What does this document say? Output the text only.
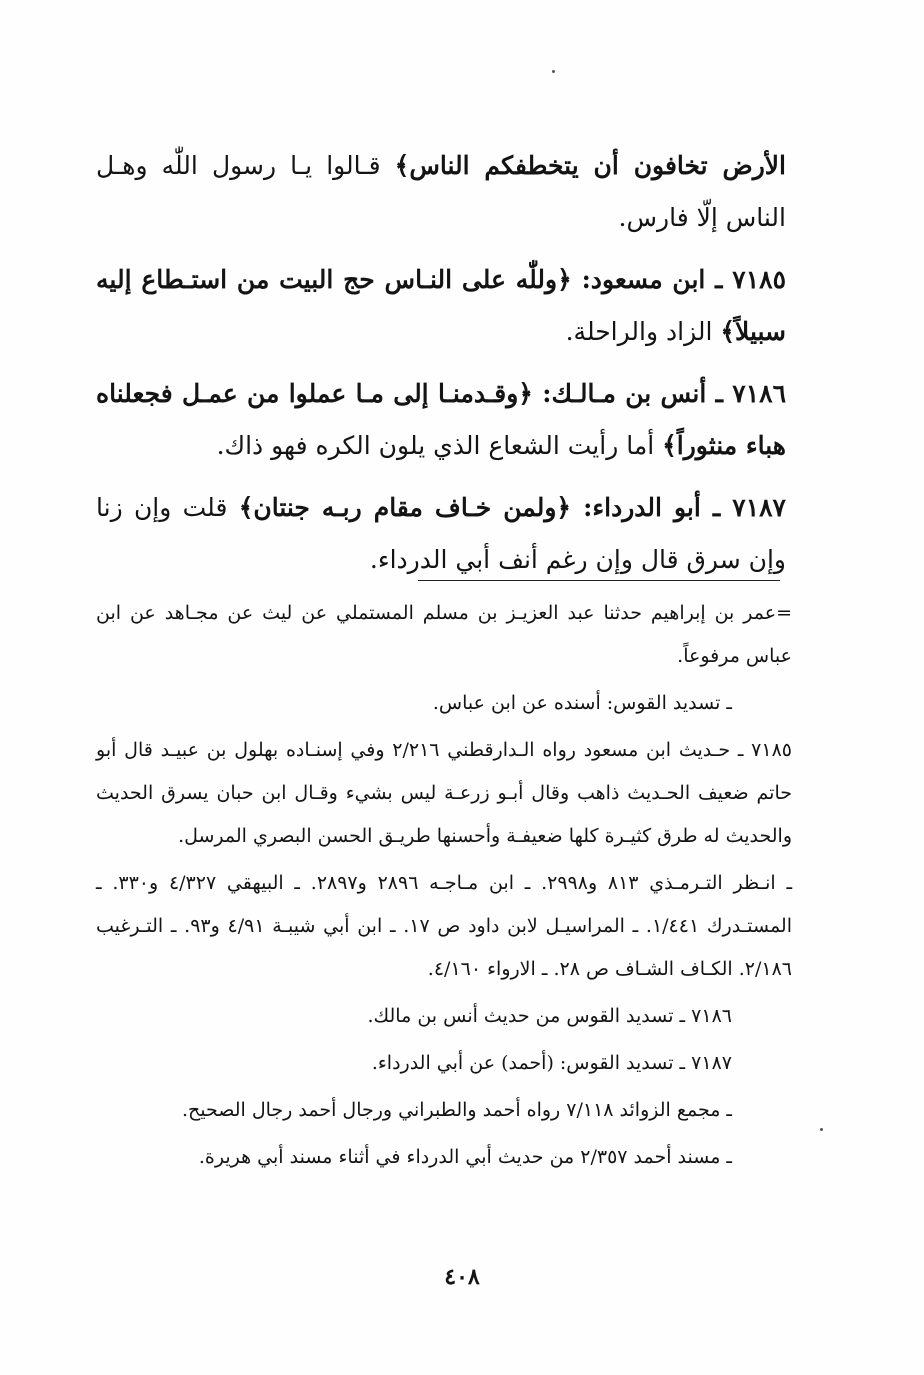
الأرض تخافون أن يتخطفكم الناس﴾ قـالوا يـا رسول اللّٰه وهـل الناس إلّا فارس.

٧١٨٥ ـ ابن مسعود: ﴿وللّٰه على النـاس حج البيت من استـطاع إليه سبيلاً﴾ الزاد والراحلة.

٧١٨٦ ـ أنس بن مـالـك: ﴿وقـدمنـا إلى مـا عملوا من عمـل فجعلناه هباء منثوراً﴾ أما رأيت الشعاع الذي يلون الكره فهو ذاك.

٧١٨٧ ـ أبو الدرداء: ﴿ولمن خـاف مقام ربـه جنتان﴾ قلت وإن زنا وإن سرق قال وإن رغم أنف أبي الدرداء.

=عمر بن إبراهيم حدثنا عبد العزيـز بن مسلم المستملي عن ليث عن مجـاهد عن ابن عباس مرفوعاً.

ـ تسديد القوس: أسنده عن ابن عباس.

٧١٨٥ ـ حـديث ابن مسعود رواه الـدارقطني ٢/٢١٦ وفي إسنـاده بهلول بن عبيـد قال أبو حاتم ضعيف الحـديث ذاهب وقال أبـو زرعـة ليس بشيء وقـال ابن حبان يسرق الحديث والحديث له طرق كثيـرة كلها ضعيفـة وأحسنها طريـق الحسن البصري المرسل.

ـ انـظر التـرمـذي ٨١٣ و٢٩٩٨. ـ ابن مـاجـه ٢٨٩٦ و٢٨٩٧. ـ البيهقي ٤/٣٢٧ و٣٣٠. ـ المستـدرك ١/٤٤١. ـ المراسيـل لابن داود ص ١٧. ـ ابن أبي شيبـة ٤/٩١ و٩٣. ـ التـرغيب ٢/١٨٦. الكـاف الشـاف ص ٢٨. ـ الارواء ٤/١٦٠.

٧١٨٦ ـ تسديد القوس من حديث أنس بن مالك.

٧١٨٧ ـ تسديد القوس: (أحمد) عن أبي الدرداء.

ـ مجمع الزوائد ٧/١١٨ رواه أحمد والطبراني ورجال أحمد رجال الصحيح.

ـ مسند أحمد ٢/٣٥٧ من حديث أبي الدرداء في أثناء مسند أبي هريرة.

٤٠٨
